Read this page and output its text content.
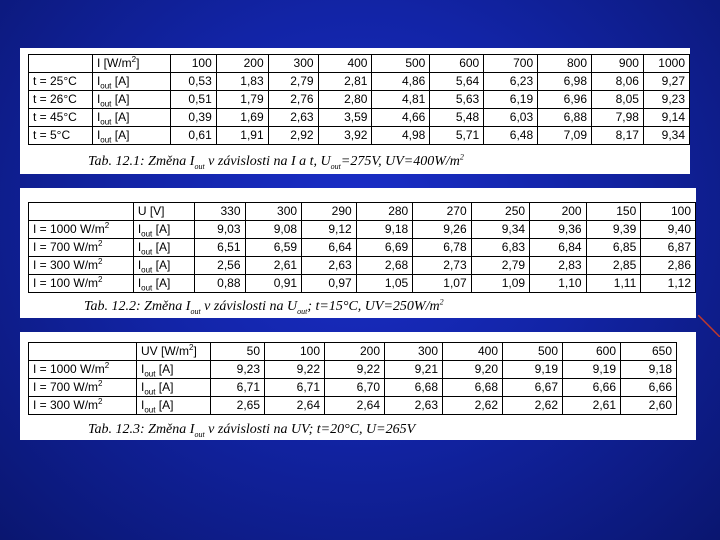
	I $[W/m^2]$	100	200	300	400	500	600	700	800	900	1000
t = 25°C	$I_{out}$ [A]	0,53	1,83	2,79	2,81	4,86	5,64	6,23	6,98	8,06	9,27
t = 26°C	$I_{out}$ [A]	0,51	1,79	2,76	2,80	4,81	5,63	6,19	6,96	8,05	9,23
t = 45°C	$I_{out}$ [A]	0,39	1,69	2,63	3,59	4,66	5,48	6,03	6,88	7,98	9,14
t = 5°C	$I_{out}$ [A]	0,61	1,91	2,92	3,92	4,98	5,71	6,48	7,09	8,17	9,34
Tab. 12.1: Změna $I_{out}$ v závislosti na I a t, $U_{out}=275V$, $UV=400W/m^2$
	U [V]	330	300	290	280	270	250	200	150	100
I = 1000 $W/m^2$	$I_{out}$ [A]	9,03	9,08	9,12	9,18	9,26	9,34	9,36	9,39	9,40
I = 700 $W/m^2$	$I_{out}$ [A]	6,51	6,59	6,64	6,69	6,78	6,83	6,84	6,85	6,87
I = 300 $W/m^2$	$I_{out}$ [A]	2,56	2,61	2,63	2,68	2,73	2,79	2,83	2,85	2,86
I = 100 $W/m^2$	$I_{out}$ [A]	0,88	0,91	0,97	1,05	1,07	1,09	1,10	1,11	1,12
Tab. 12.2: Změna $I_{out}$ v závislosti na $U_{out}$; t=15°C, $UV=250W/m^2$
	UV $[W/m^2]$	50	100	200	300	400	500	600	650
I = 1000 $W/m^2$	$I_{out}$ [A]	9,23	9,22	9,22	9,21	9,20	9,19	9,19	9,18
I = 700 $W/m^2$	$I_{out}$ [A]	6,71	6,71	6,70	6,68	6,68	6,67	6,66	6,66
I = 300 $W/m^2$	$I_{out}$ [A]	2,65	2,64	2,64	2,63	2,62	2,62	2,61	2,60
Tab. 12.3: Změna $I_{out}$ v závislosti na UV; t=20°C, U=265V
